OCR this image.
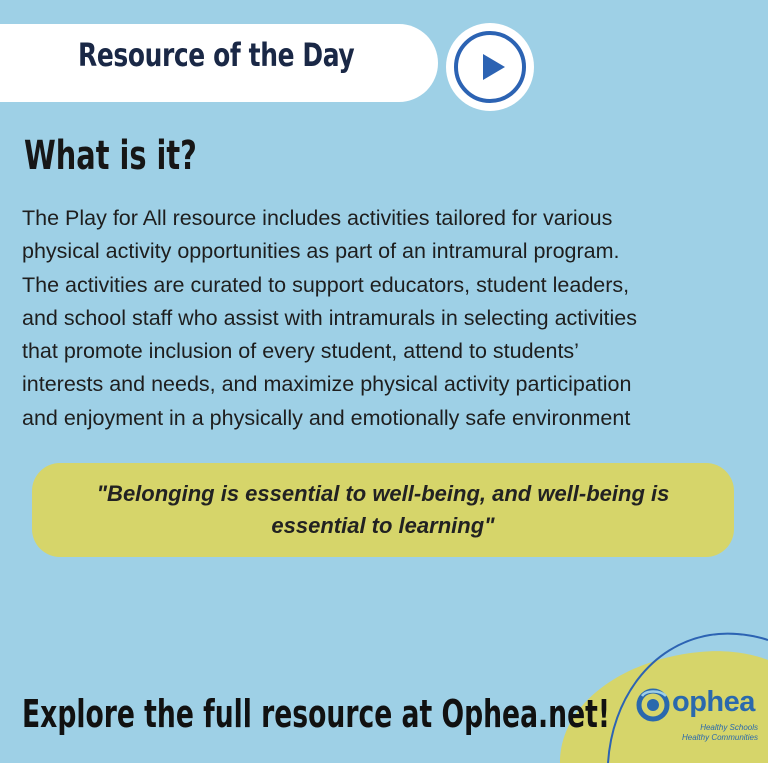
Resource of the Day
What is it?
The Play for All resource includes activities tailored for various
physical activity opportunities as part of an intramural program.
The activities are curated to support educators, student leaders,
and school staff who assist with intramurals in selecting activities
that promote inclusion of every student, attend to students’
interests and needs, and maximize physical activity participation
and enjoyment in a physically and emotionally safe environment
"Belonging is essential to well-being, and well-being is
essential to learning"
Explore the full resource at Ophea.net! ophea
Healthy Schools
Healthy Communities
